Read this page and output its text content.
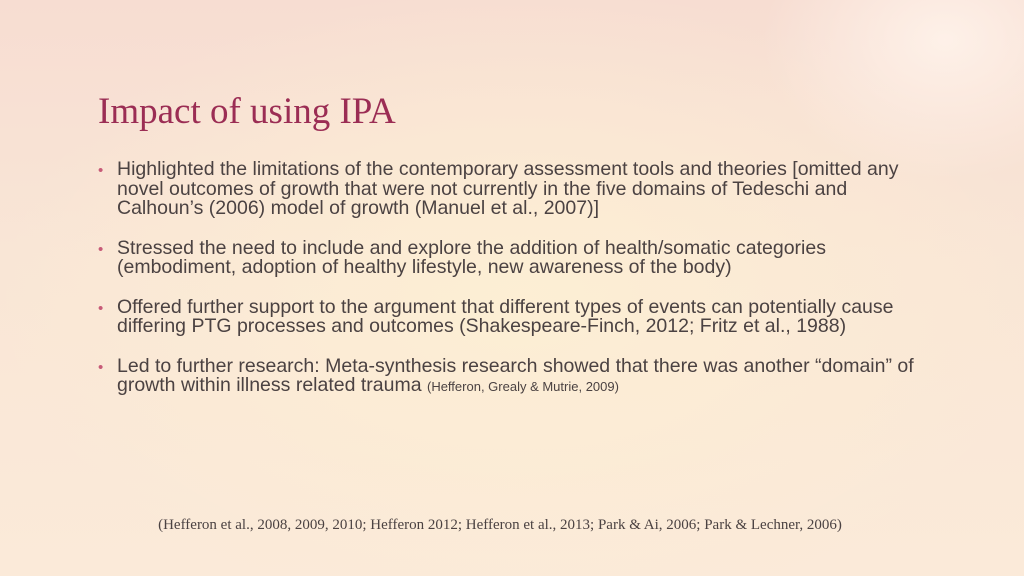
Impact of using IPA
• Highlighted the limitations of the contemporary assessment tools and theories [omitted any novel outcomes of growth that were not currently in the five domains of Tedeschi and Calhoun’s (2006) model of growth (Manuel et al., 2007)]
• Stressed the need to include and explore the addition of health/somatic categories (embodiment, adoption of healthy lifestyle, new awareness of the body)
• Offered further support to the argument that different types of events can potentially cause differing PTG processes and outcomes (Shakespeare-Finch, 2012; Fritz et al., 1988)
• Led to further research: Meta-synthesis research showed that there was another “domain” of growth within illness related trauma (Hefferon, Grealy & Mutrie, 2009)
(Hefferon et al., 2008, 2009, 2010; Hefferon 2012; Hefferon et al., 2013; Park & Ai, 2006; Park & Lechner, 2006)
